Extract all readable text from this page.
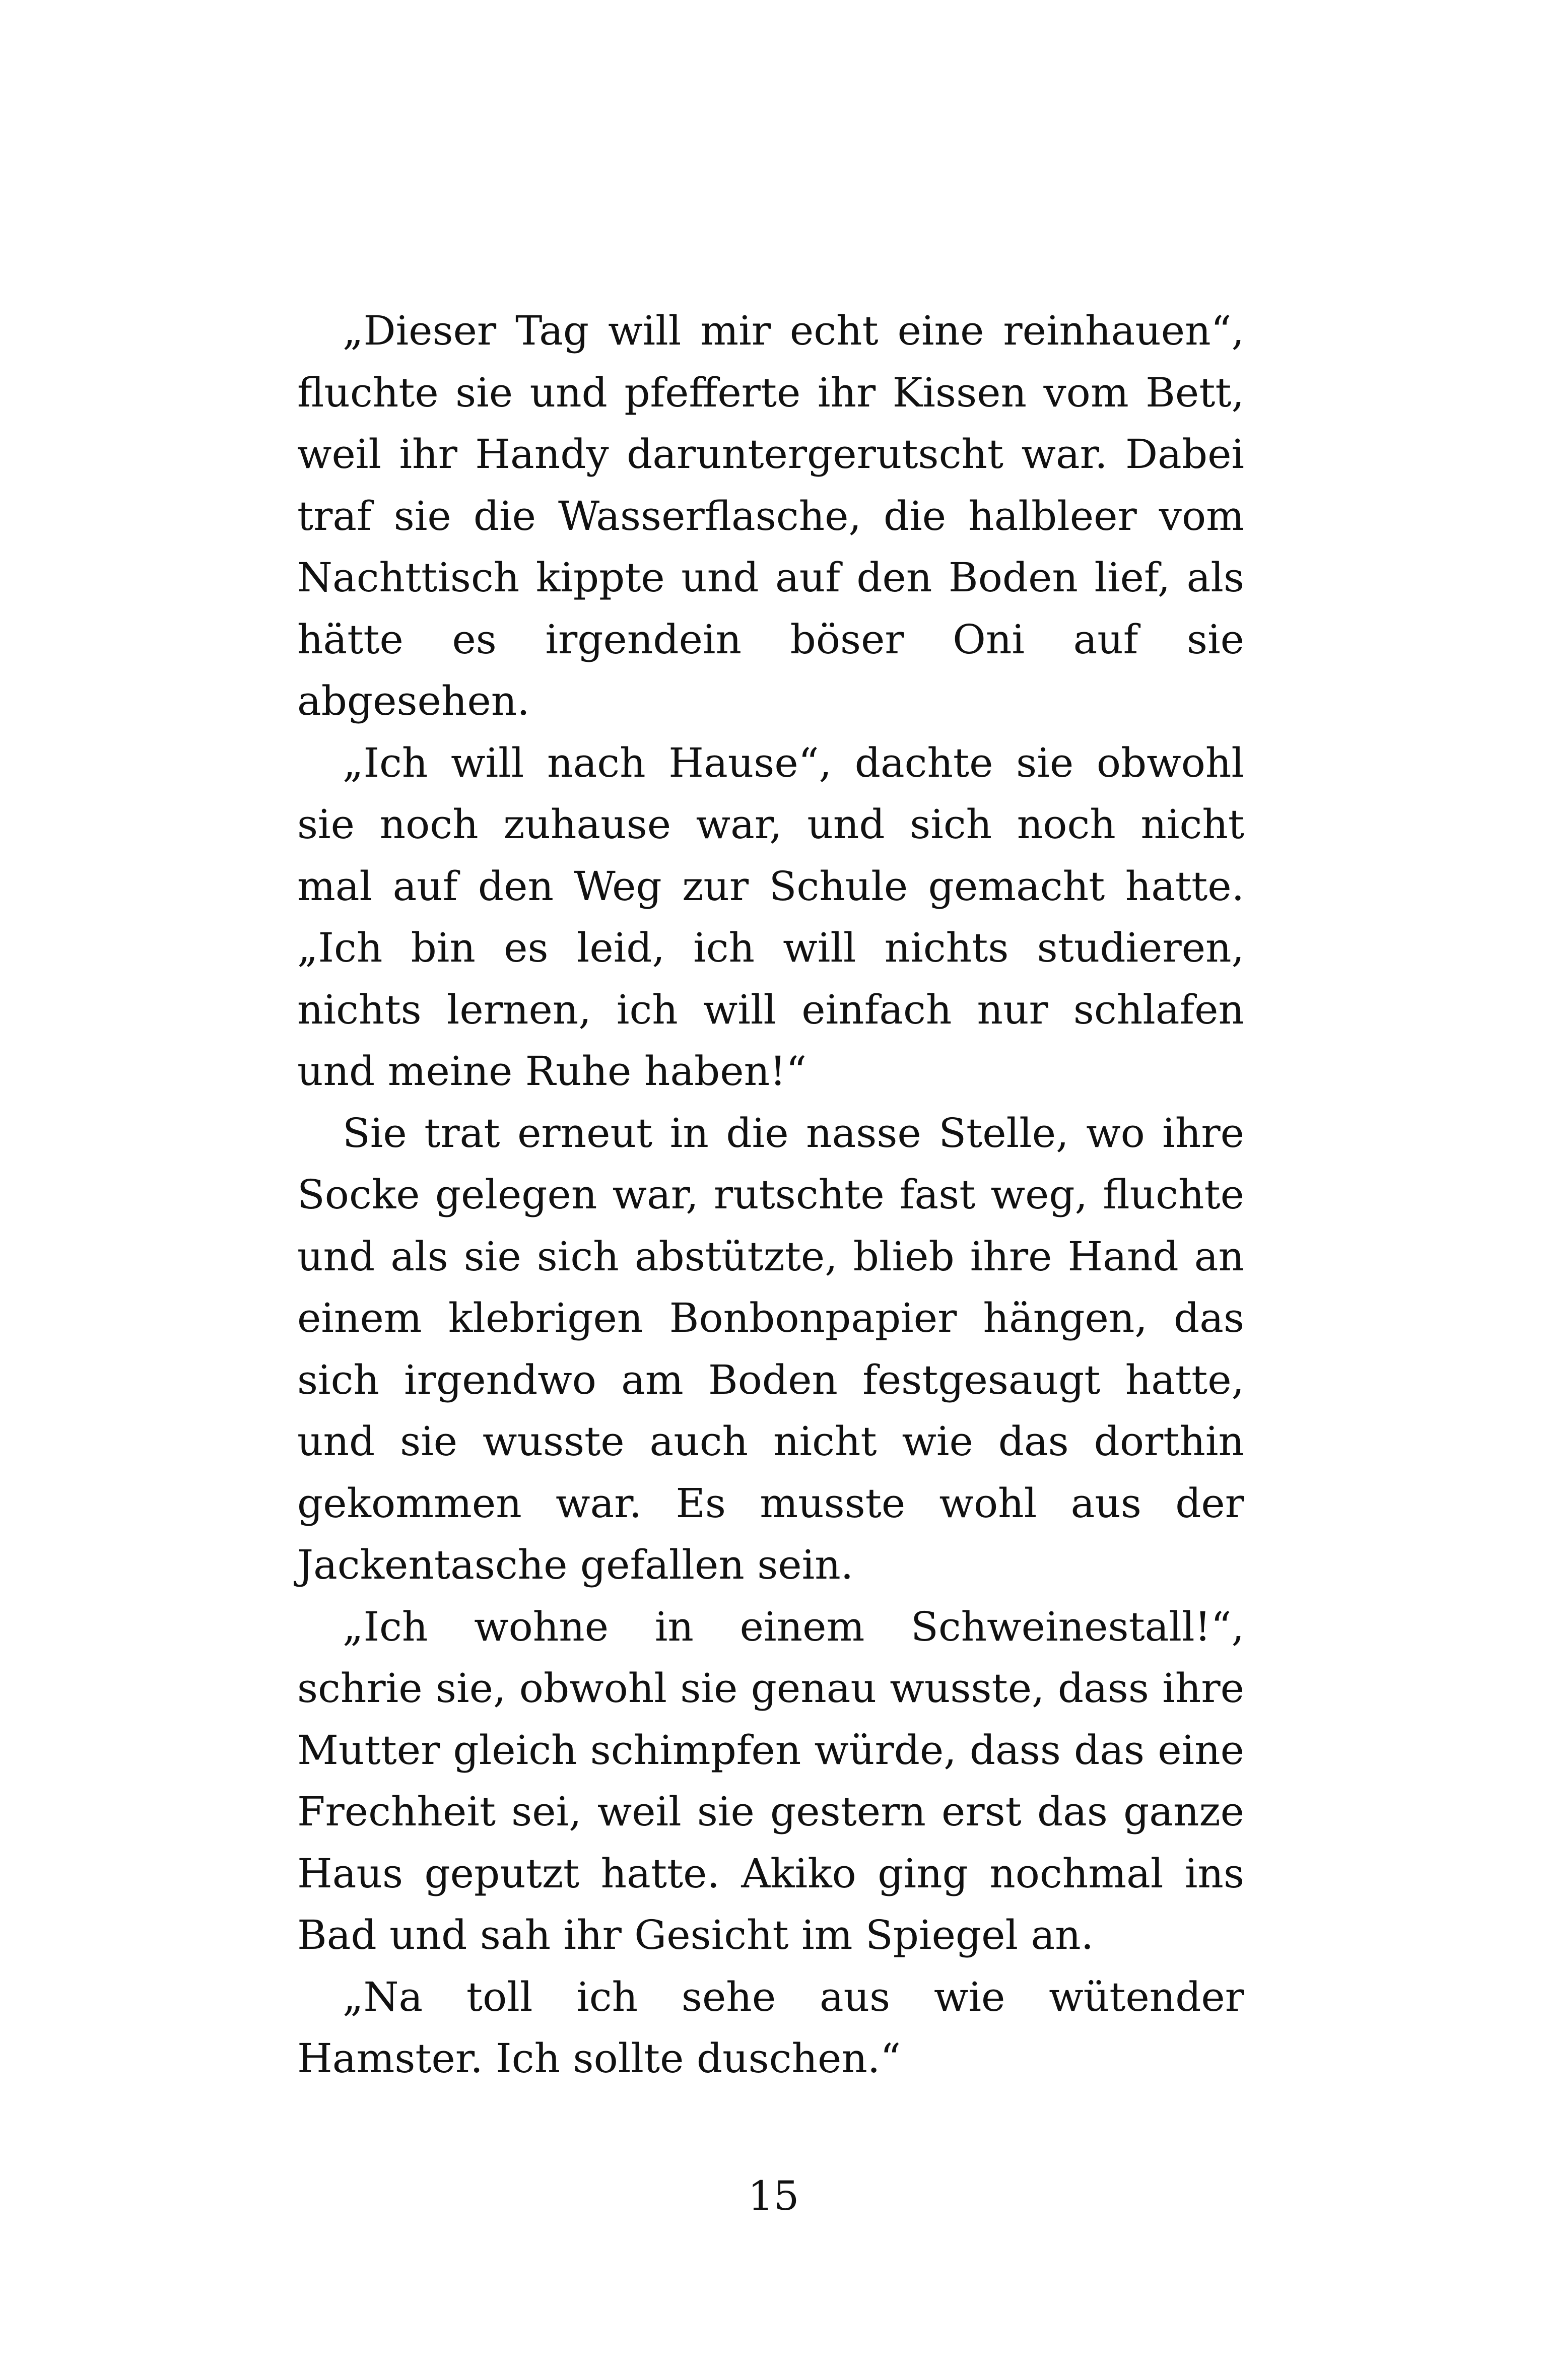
„Dieser Tag will mir echt eine reinhauen“, fluchte sie und pfefferte ihr Kissen vom Bett, weil ihr Handy daruntergerutscht war. Dabei traf sie die Wasserflasche, die halbleer vom Nachttisch kippte und auf den Boden lief, als hätte es irgendein böser Oni auf sie abgesehen.

„Ich will nach Hause“, dachte sie obwohl sie noch zuhause war, und sich noch nicht mal auf den Weg zur Schule gemacht hatte. „Ich bin es leid, ich will nichts studieren, nichts lernen, ich will einfach nur schlafen und meine Ruhe haben!“

Sie trat erneut in die nasse Stelle, wo ihre Socke gelegen war, rutschte fast weg, fluchte und als sie sich abstützte, blieb ihre Hand an einem klebrigen Bonbonpapier hängen, das sich irgendwo am Boden festgesaugt hatte, und sie wusste auch nicht wie das dorthin gekommen war. Es musste wohl aus der Jackentasche gefallen sein.

„Ich wohne in einem Schweinestall!“, schrie sie, obwohl sie genau wusste, dass ihre Mutter gleich schimpfen würde, dass das eine Frechheit sei, weil sie gestern erst das ganze Haus geputzt hatte. Akiko ging nochmal ins Bad und sah ihr Gesicht im Spiegel an.

„Na toll ich sehe aus wie wütender Hamster. Ich sollte duschen.“

15
